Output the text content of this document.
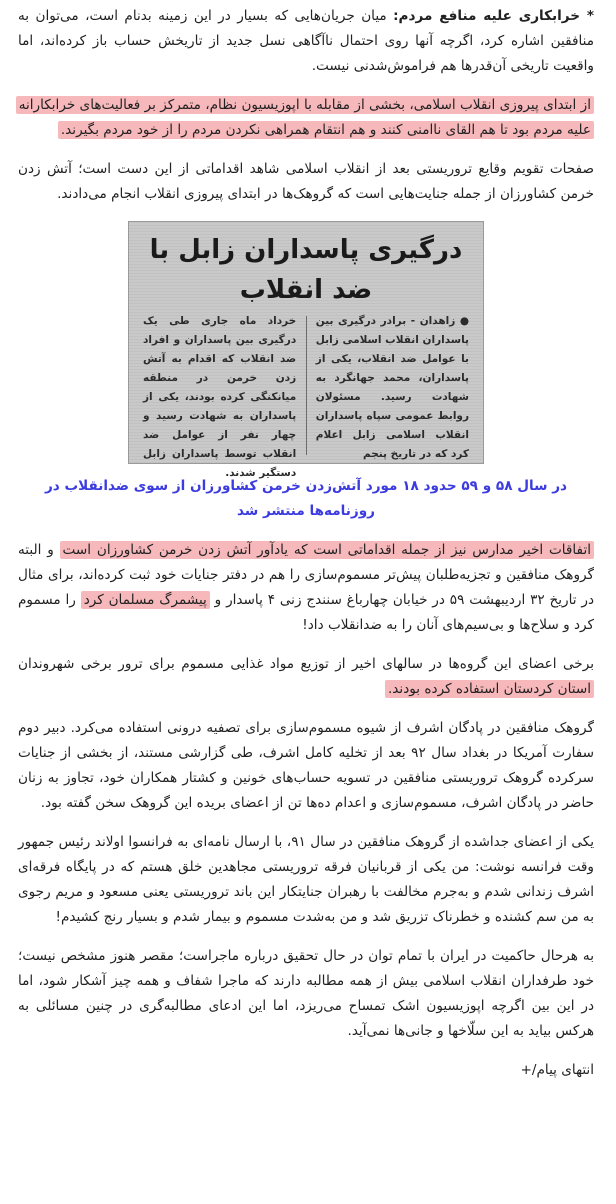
* خرابکاری علیه منافع مردم: میان جریان‌هایی که بسیار در این زمینه بدنام است، می‌توان به منافقین اشاره کرد، اگرچه آنها روی احتمال ناآگاهی نسل جدید از تاریخش حساب باز کرده‌اند، اما واقعیت تاریخی آن‌قدرها هم فراموش‌شدنی نیست.

از ابتدای پیروزی انقلاب اسلامی، بخشی از مقابله با اپوزیسیون نظام، متمرکز بر فعالیت‌های خرابکارانه علیه مردم بود تا هم القای ناامنی کنند و هم انتقام همراهی نکردن مردم را از خود مردم بگیرند.

صفحات تقویم وقایع تروریستی بعد از انقلاب اسلامی شاهد اقداماتی از این دست است؛ آتش زدن خرمن کشاورزان از جمله جنایت‌هایی است که گروهک‌ها در ابتدای پیروزی انقلاب انجام می‌دادند.

درگیری پاسداران زابل با ضد انقلاب
● زاهدان - برادر درگیری بین پاسداران انقلاب اسلامی زابل با عوامل ضد انقلاب، یکی از پاسداران، محمد جهانگرد به شهادت رسید. مسئولان روابط عمومی سپاه پاسداران انقلاب اسلامی زابل اعلام کرد که در تاریخ پنجم
خرداد ماه جاری طی یک درگیری بین پاسداران و افراد ضد انقلاب که اقدام به آتش زدن خرمن در منطقه میانکنگی کرده بودند، یکی از پاسداران به شهادت رسید و چهار نفر از عوامل ضد انقلاب توسط پاسداران زابل دستگیر شدند.

در سال ۵۸ و ۵۹ حدود ۱۸ مورد آتش‌زدن خرمن کشاورزان از سوی ضدانقلاب در روزنامه‌ها منتشر شد

اتفاقات اخیر مدارس نیز از جمله اقداماتی است که یادآور آتش زدن خرمن کشاورزان است و البته گروهک منافقین و تجزیه‌طلبان پیش‌تر مسموم‌سازی را هم در دفتر جنایات خود ثبت کرده‌اند، برای مثال در تاریخ ۳۲ اردیبهشت ۵۹ در خیابان چهارباغ سنندج زنی ۴ پاسدار و پیشمرگ مسلمان کرد را مسموم کرد و سلاح‌ها و بی‌سیم‌های آنان را به ضدانقلاب داد!

برخی اعضای این گروه‌ها در سالهای اخیر از توزیع مواد غذایی مسموم برای ترور برخی شهروندان استان کردستان استفاده کرده بودند.

گروهک منافقین در پادگان اشرف از شیوه مسموم‌سازی برای تصفیه درونی استفاده می‌کرد. دبیر دوم سفارت آمریکا در بغداد سال ۹۲ بعد از تخلیه کامل اشرف، طی گزارشی مستند، از بخشی از جنایات سرکرده گروهک تروریستی منافقین در تسویه حساب‌های خونین و کشتار همکاران خود، تجاوز به زنان حاضر در پادگان اشرف، مسموم‌سازی و اعدام ده‌ها تن از اعضای بریده این گروهک سخن گفته بود.

یکی از اعضای جداشده از گروهک منافقین در سال ۹۱، با ارسال نامه‌ای به فرانسوا اولاند رئیس جمهور وقت فرانسه نوشت: من یکی از قربانیان فرقه تروریستی مجاهدین خلق هستم که در پایگاه فرقه‌ای اشرف زندانی شدم و به‌جرم مخالفت با رهبران جنایتکار این باند تروریستی یعنی مسعود و مریم رجوی به من سم کشنده و خطرناک تزریق شد و من به‌شدت مسموم و بیمار شدم و بسیار رنج کشیدم!

به هرحال حاکمیت در ایران با تمام توان در حال تحقیق درباره ماجراست؛ مقصر هنوز مشخص نیست؛ خود طرفداران انقلاب اسلامی بیش از همه مطالبه دارند که ماجرا شفاف و همه چیز آشکار شود، اما در این بین اگرچه اپوزیسیون اشک تمساح می‌ریزد، اما این ادعای مطالبه‌گری در چنین مسائلی به هرکس بیاید به این سلّاخها و جانی‌ها نمی‌آید.

انتهای پیام/+
